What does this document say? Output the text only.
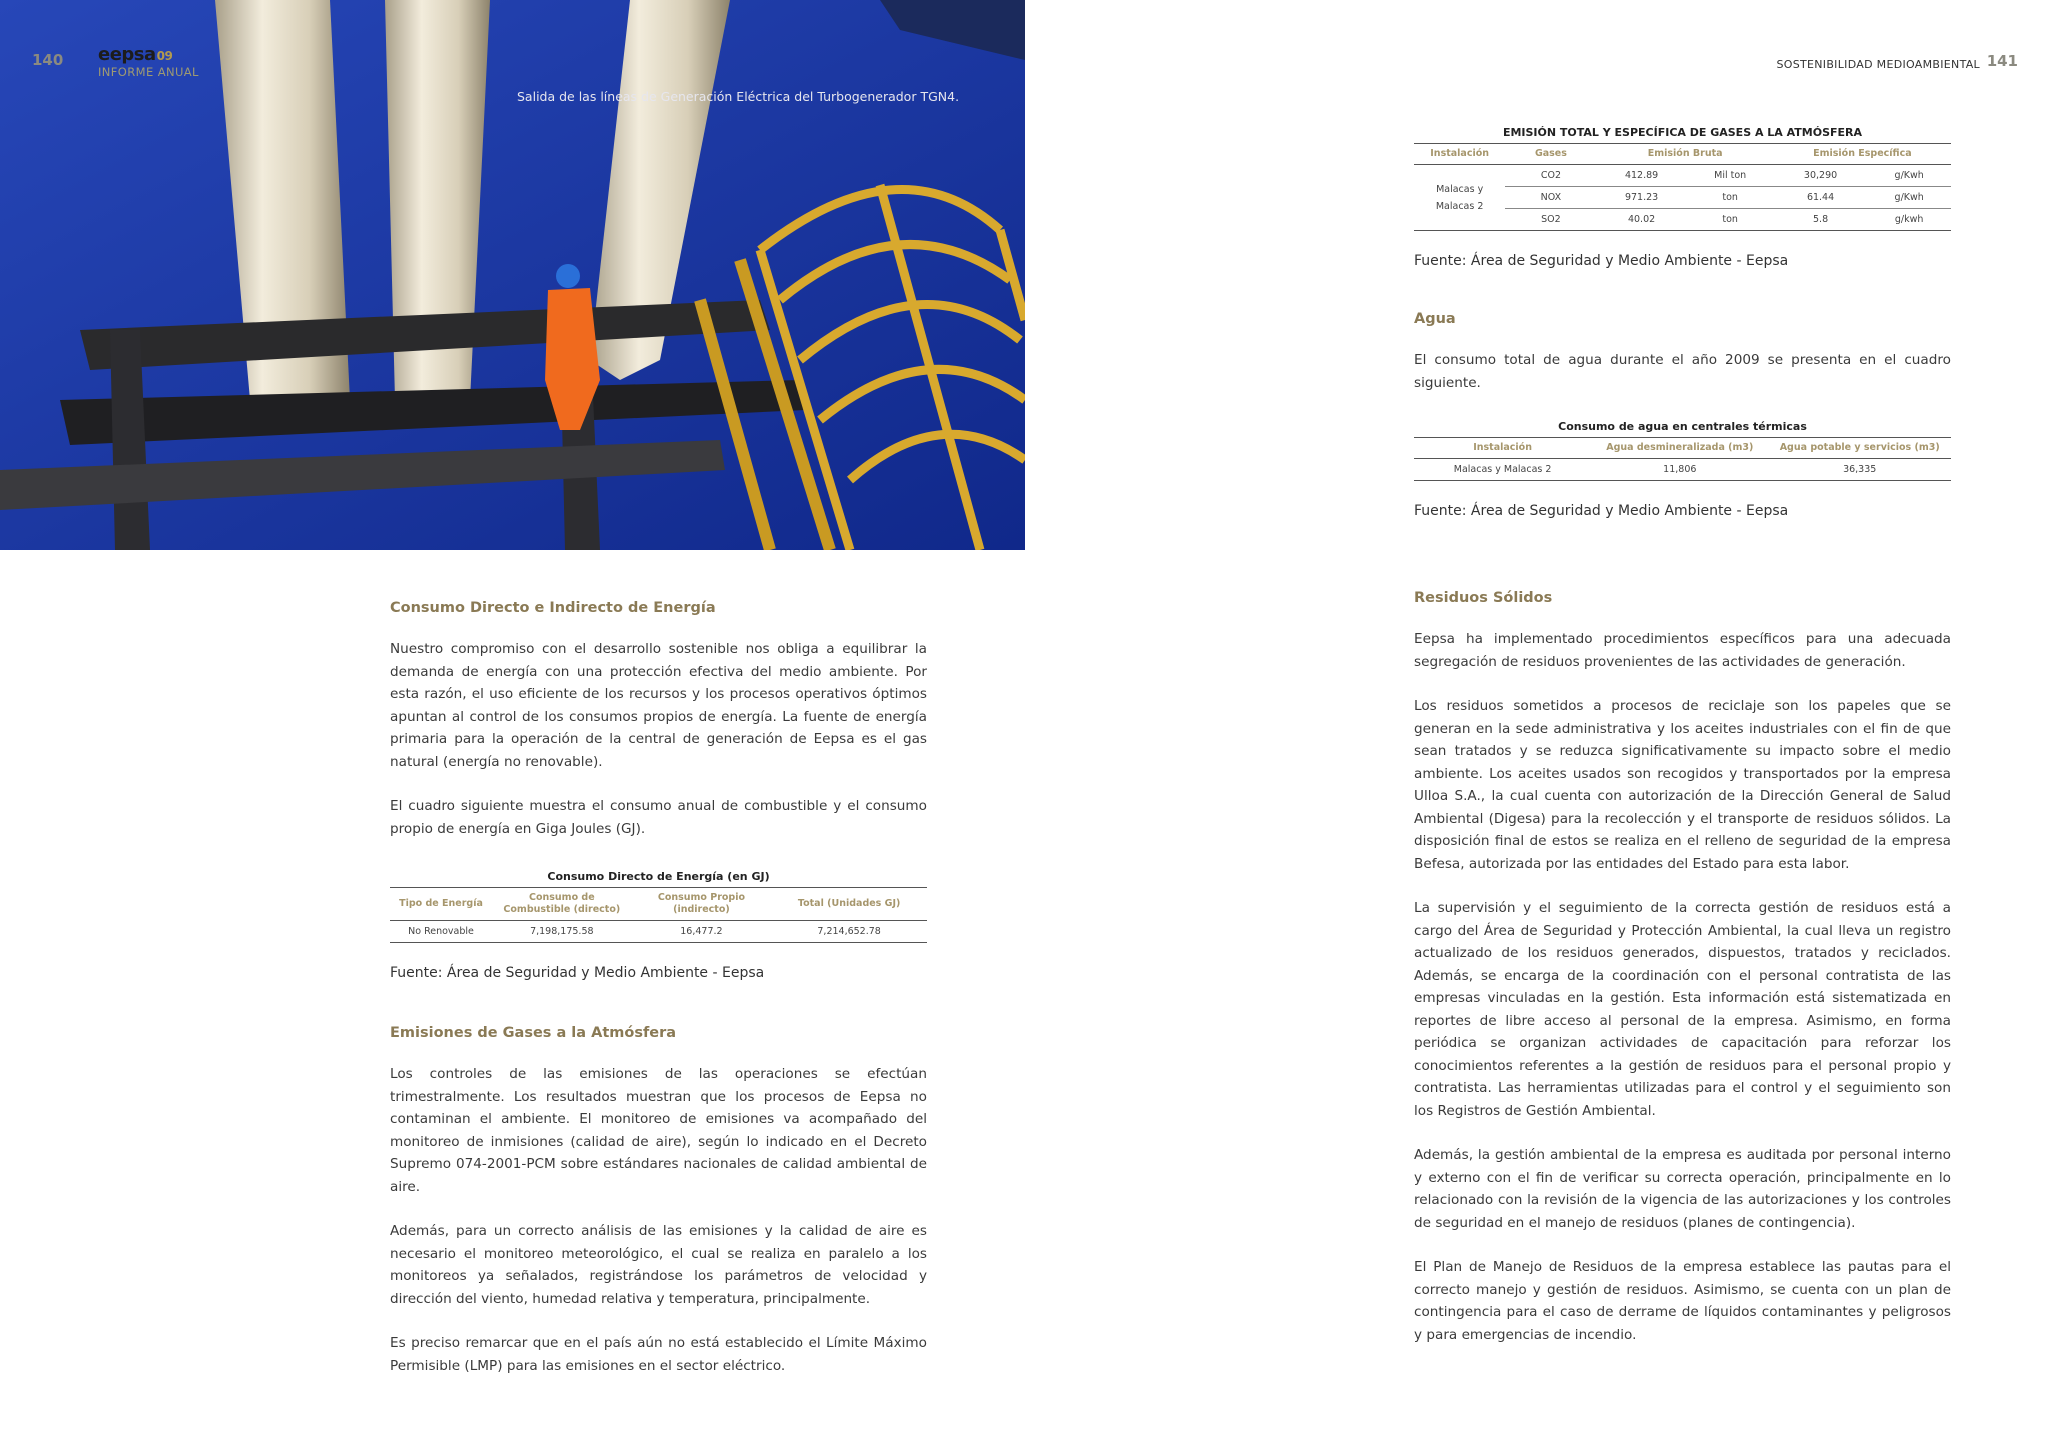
140 eepsa09
INFORME ANUAL
Salida de las líneas de Generación Eléctrica del Turbogenerador TGN4.
Consumo Directo e Indirecto de Energía

Nuestro compromiso con el desarrollo sostenible nos obliga a equilibrar la demanda de energía con una protección efectiva del medio ambiente. Por esta razón, el uso eficiente de los recursos y los procesos operativos óptimos apuntan al control de los consumos propios de energía. La fuente de energía primaria para la operación de la central de generación de Eepsa es el gas natural (energía no renovable).

El cuadro siguiente muestra el consumo anual de combustible y el consumo propio de energía en Giga Joules (GJ).

Consumo Directo de Energía (en GJ)
Tipo de Energía	Consumo de Combustible (directo)	Consumo Propio (indirecto)	Total (Unidades GJ)
No Renovable	7,198,175.58	16,477.2	7,214,652.78
Fuente: Área de Seguridad y Medio Ambiente - Eepsa
Emisiones de Gases a la Atmósfera

Los controles de las emisiones de las operaciones se efectúan trimestralmente. Los resultados muestran que los procesos de Eepsa no contaminan el ambiente. El monitoreo de emisiones va acompañado del monitoreo de inmisiones (calidad de aire), según lo indicado en el Decreto Supremo 074-2001-PCM sobre estándares nacionales de calidad ambiental de aire.

Además, para un correcto análisis de las emisiones y la calidad de aire es necesario el monitoreo meteorológico, el cual se realiza en paralelo a los monitoreos ya señalados, registrándose los parámetros de velocidad y dirección del viento, humedad relativa y temperatura, principalmente.

Es preciso remarcar que en el país aún no está establecido el Límite Máximo Permisible (LMP) para las emisiones en el sector eléctrico.

SOSTENIBILIDAD MEDIOAMBIENTAL 141
EMISIÓN TOTAL Y ESPECÍFICA DE GASES A LA ATMÓSFERA
Instalación	Gases	Emisión Bruta		Emisión Específica	
Malacas y Malacas 2	CO2	412.89	Mil ton	30,290	g/Kwh
	NOX	971.23	ton	61.44	g/Kwh
	SO2	40.02	ton	5.8	g/kwh
Fuente: Área de Seguridad y Medio Ambiente - Eepsa
Agua

El consumo total de agua durante el año 2009 se presenta en el cuadro siguiente.

Consumo de agua en centrales térmicas
Instalación	Agua desmineralizada (m3)	Agua potable y servicios (m3)
Malacas y Malacas 2	11,806	36,335
Fuente: Área de Seguridad y Medio Ambiente - Eepsa
Residuos Sólidos

Eepsa ha implementado procedimientos específicos para una adecuada segregación de residuos provenientes de las actividades de generación.

Los residuos sometidos a procesos de reciclaje son los papeles que se generan en la sede administrativa y los aceites industriales con el fin de que sean tratados y se reduzca significativamente su impacto sobre el medio ambiente. Los aceites usados son recogidos y transportados por la empresa Ulloa S.A., la cual cuenta con autorización de la Dirección General de Salud Ambiental (Digesa) para la recolección y el transporte de residuos sólidos. La disposición final de estos se realiza en el relleno de seguridad de la empresa Befesa, autorizada por las entidades del Estado para esta labor.

La supervisión y el seguimiento de la correcta gestión de residuos está a cargo del Área de Seguridad y Protección Ambiental, la cual lleva un registro actualizado de los residuos generados, dispuestos, tratados y reciclados. Además, se encarga de la coordinación con el personal contratista de las empresas vinculadas en la gestión. Esta información está sistematizada en reportes de libre acceso al personal de la empresa. Asimismo, en forma periódica se organizan actividades de capacitación para reforzar los conocimientos referentes a la gestión de residuos para el personal propio y contratista. Las herramientas utilizadas para el control y el seguimiento son los Registros de Gestión Ambiental.

Además, la gestión ambiental de la empresa es auditada por personal interno y externo con el fin de verificar su correcta operación, principalmente en lo relacionado con la revisión de la vigencia de las autorizaciones y los controles de seguridad en el manejo de residuos (planes de contingencia).

El Plan de Manejo de Residuos de la empresa establece las pautas para el correcto manejo y gestión de residuos. Asimismo, se cuenta con un plan de contingencia para el caso de derrame de líquidos contaminantes y peligrosos y para emergencias de incendio.
